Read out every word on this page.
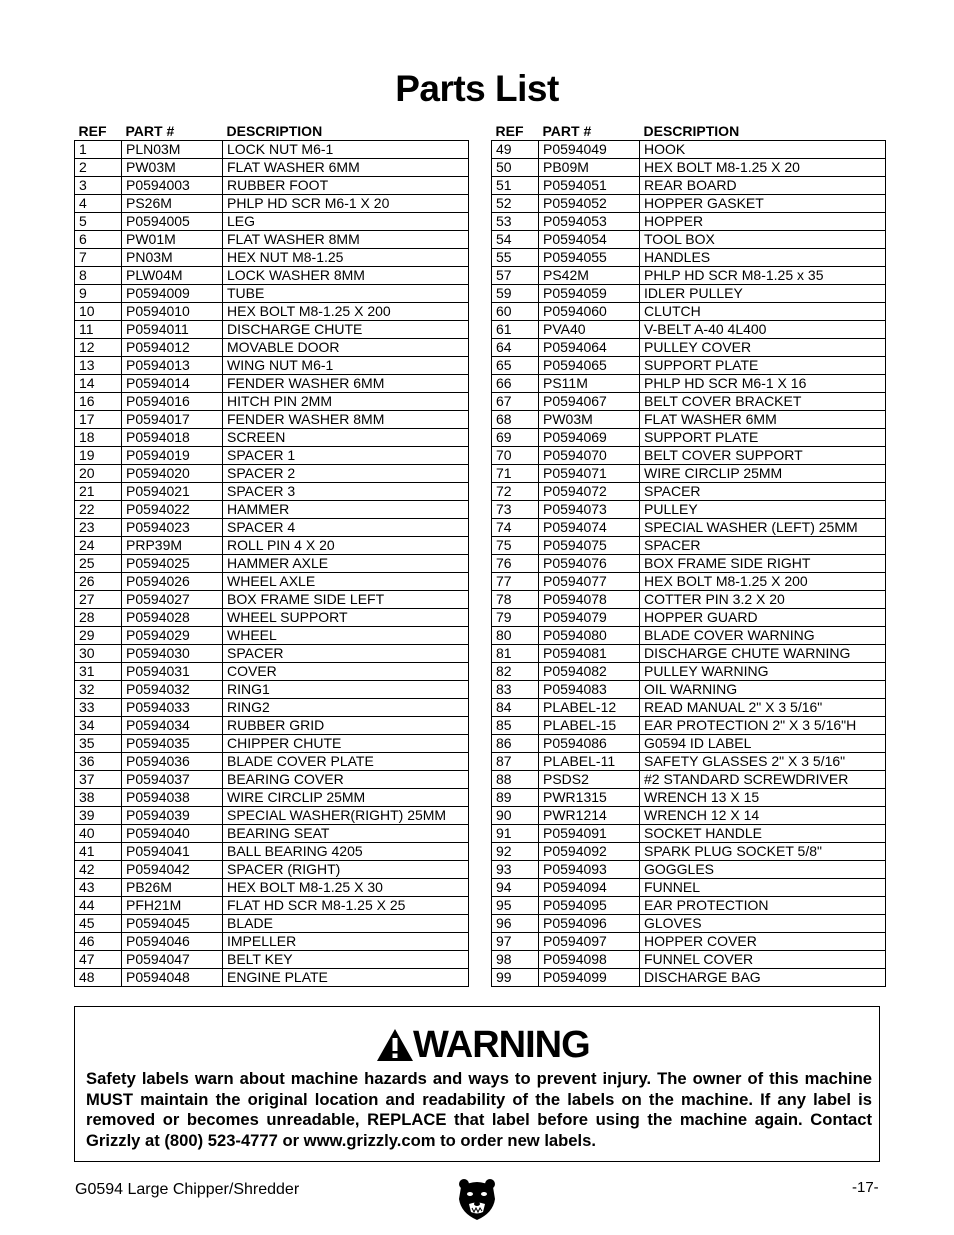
Parts List
REF	PART #	DESCRIPTION
1	PLN03M	LOCK NUT M6-1
2	PW03M	FLAT WASHER 6MM
3	P0594003	RUBBER FOOT
4	PS26M	PHLP HD SCR M6-1 X 20
5	P0594005	LEG
6	PW01M	FLAT WASHER 8MM
7	PN03M	HEX NUT M8-1.25
8	PLW04M	LOCK WASHER 8MM
9	P0594009	TUBE
10	P0594010	HEX BOLT M8-1.25 X 200
11	P0594011	DISCHARGE CHUTE
12	P0594012	MOVABLE DOOR
13	P0594013	WING NUT M6-1
14	P0594014	FENDER WASHER 6MM
16	P0594016	HITCH PIN 2MM
17	P0594017	FENDER WASHER 8MM
18	P0594018	SCREEN
19	P0594019	SPACER 1
20	P0594020	SPACER 2
21	P0594021	SPACER 3
22	P0594022	HAMMER
23	P0594023	SPACER 4
24	PRP39M	ROLL PIN 4 X 20
25	P0594025	HAMMER AXLE
26	P0594026	WHEEL AXLE
27	P0594027	BOX FRAME SIDE LEFT
28	P0594028	WHEEL SUPPORT
29	P0594029	WHEEL
30	P0594030	SPACER
31	P0594031	COVER
32	P0594032	RING1
33	P0594033	RING2
34	P0594034	RUBBER GRID
35	P0594035	CHIPPER CHUTE
36	P0594036	BLADE COVER PLATE
37	P0594037	BEARING COVER
38	P0594038	WIRE CIRCLIP 25MM
39	P0594039	SPECIAL WASHER(RIGHT) 25MM
40	P0594040	BEARING SEAT
41	P0594041	BALL BEARING 4205
42	P0594042	SPACER (RIGHT)
43	PB26M	HEX BOLT M8-1.25 X 30
44	PFH21M	FLAT HD SCR M8-1.25 X 25
45	P0594045	BLADE
46	P0594046	IMPELLER
47	P0594047	BELT KEY
48	P0594048	ENGINE PLATE
REF	PART #	DESCRIPTION
49	P0594049	HOOK
50	PB09M	HEX BOLT M8-1.25 X 20
51	P0594051	REAR BOARD
52	P0594052	HOPPER GASKET
53	P0594053	HOPPER
54	P0594054	TOOL BOX
55	P0594055	HANDLES
57	PS42M	PHLP HD SCR M8-1.25 x 35
59	P0594059	IDLER PULLEY
60	P0594060	CLUTCH
61	PVA40	V-BELT A-40 4L400
64	P0594064	PULLEY COVER
65	P0594065	SUPPORT PLATE
66	PS11M	PHLP HD SCR M6-1 X 16
67	P0594067	BELT COVER BRACKET
68	PW03M	FLAT WASHER 6MM
69	P0594069	SUPPORT PLATE
70	P0594070	BELT COVER SUPPORT
71	P0594071	WIRE CIRCLIP 25MM
72	P0594072	SPACER
73	P0594073	PULLEY
74	P0594074	SPECIAL WASHER (LEFT) 25MM
75	P0594075	SPACER
76	P0594076	BOX FRAME SIDE RIGHT
77	P0594077	HEX BOLT M8-1.25 X 200
78	P0594078	COTTER PIN 3.2 X 20
79	P0594079	HOPPER GUARD
80	P0594080	BLADE COVER WARNING
81	P0594081	DISCHARGE CHUTE WARNING
82	P0594082	PULLEY WARNING
83	P0594083	OIL WARNING
84	PLABEL-12	READ MANUAL 2" X 3 5/16"
85	PLABEL-15	EAR PROTECTION 2" X 3 5/16"H
86	P0594086	G0594 ID LABEL
87	PLABEL-11	SAFETY GLASSES 2" X 3 5/16"
88	PSDS2	#2 STANDARD SCREWDRIVER
89	PWR1315	WRENCH 13 X 15
90	PWR1214	WRENCH 12 X 14
91	P0594091	SOCKET HANDLE
92	P0594092	SPARK PLUG SOCKET 5/8"
93	P0594093	GOGGLES
94	P0594094	FUNNEL
95	P0594095	EAR PROTECTION
96	P0594096	GLOVES
97	P0594097	HOPPER COVER
98	P0594098	FUNNEL COVER
99	P0594099	DISCHARGE BAG
WARNING
Safety labels warn about machine hazards and ways to prevent injury. The owner of this machine MUST maintain the original location and readability of the labels on the machine. If any label is removed or becomes unreadable, REPLACE that label before using the machine again. Contact Grizzly at (800) 523-4777 or www.grizzly.com to order new labels.
G0594 Large Chipper/Shredder	-17-
